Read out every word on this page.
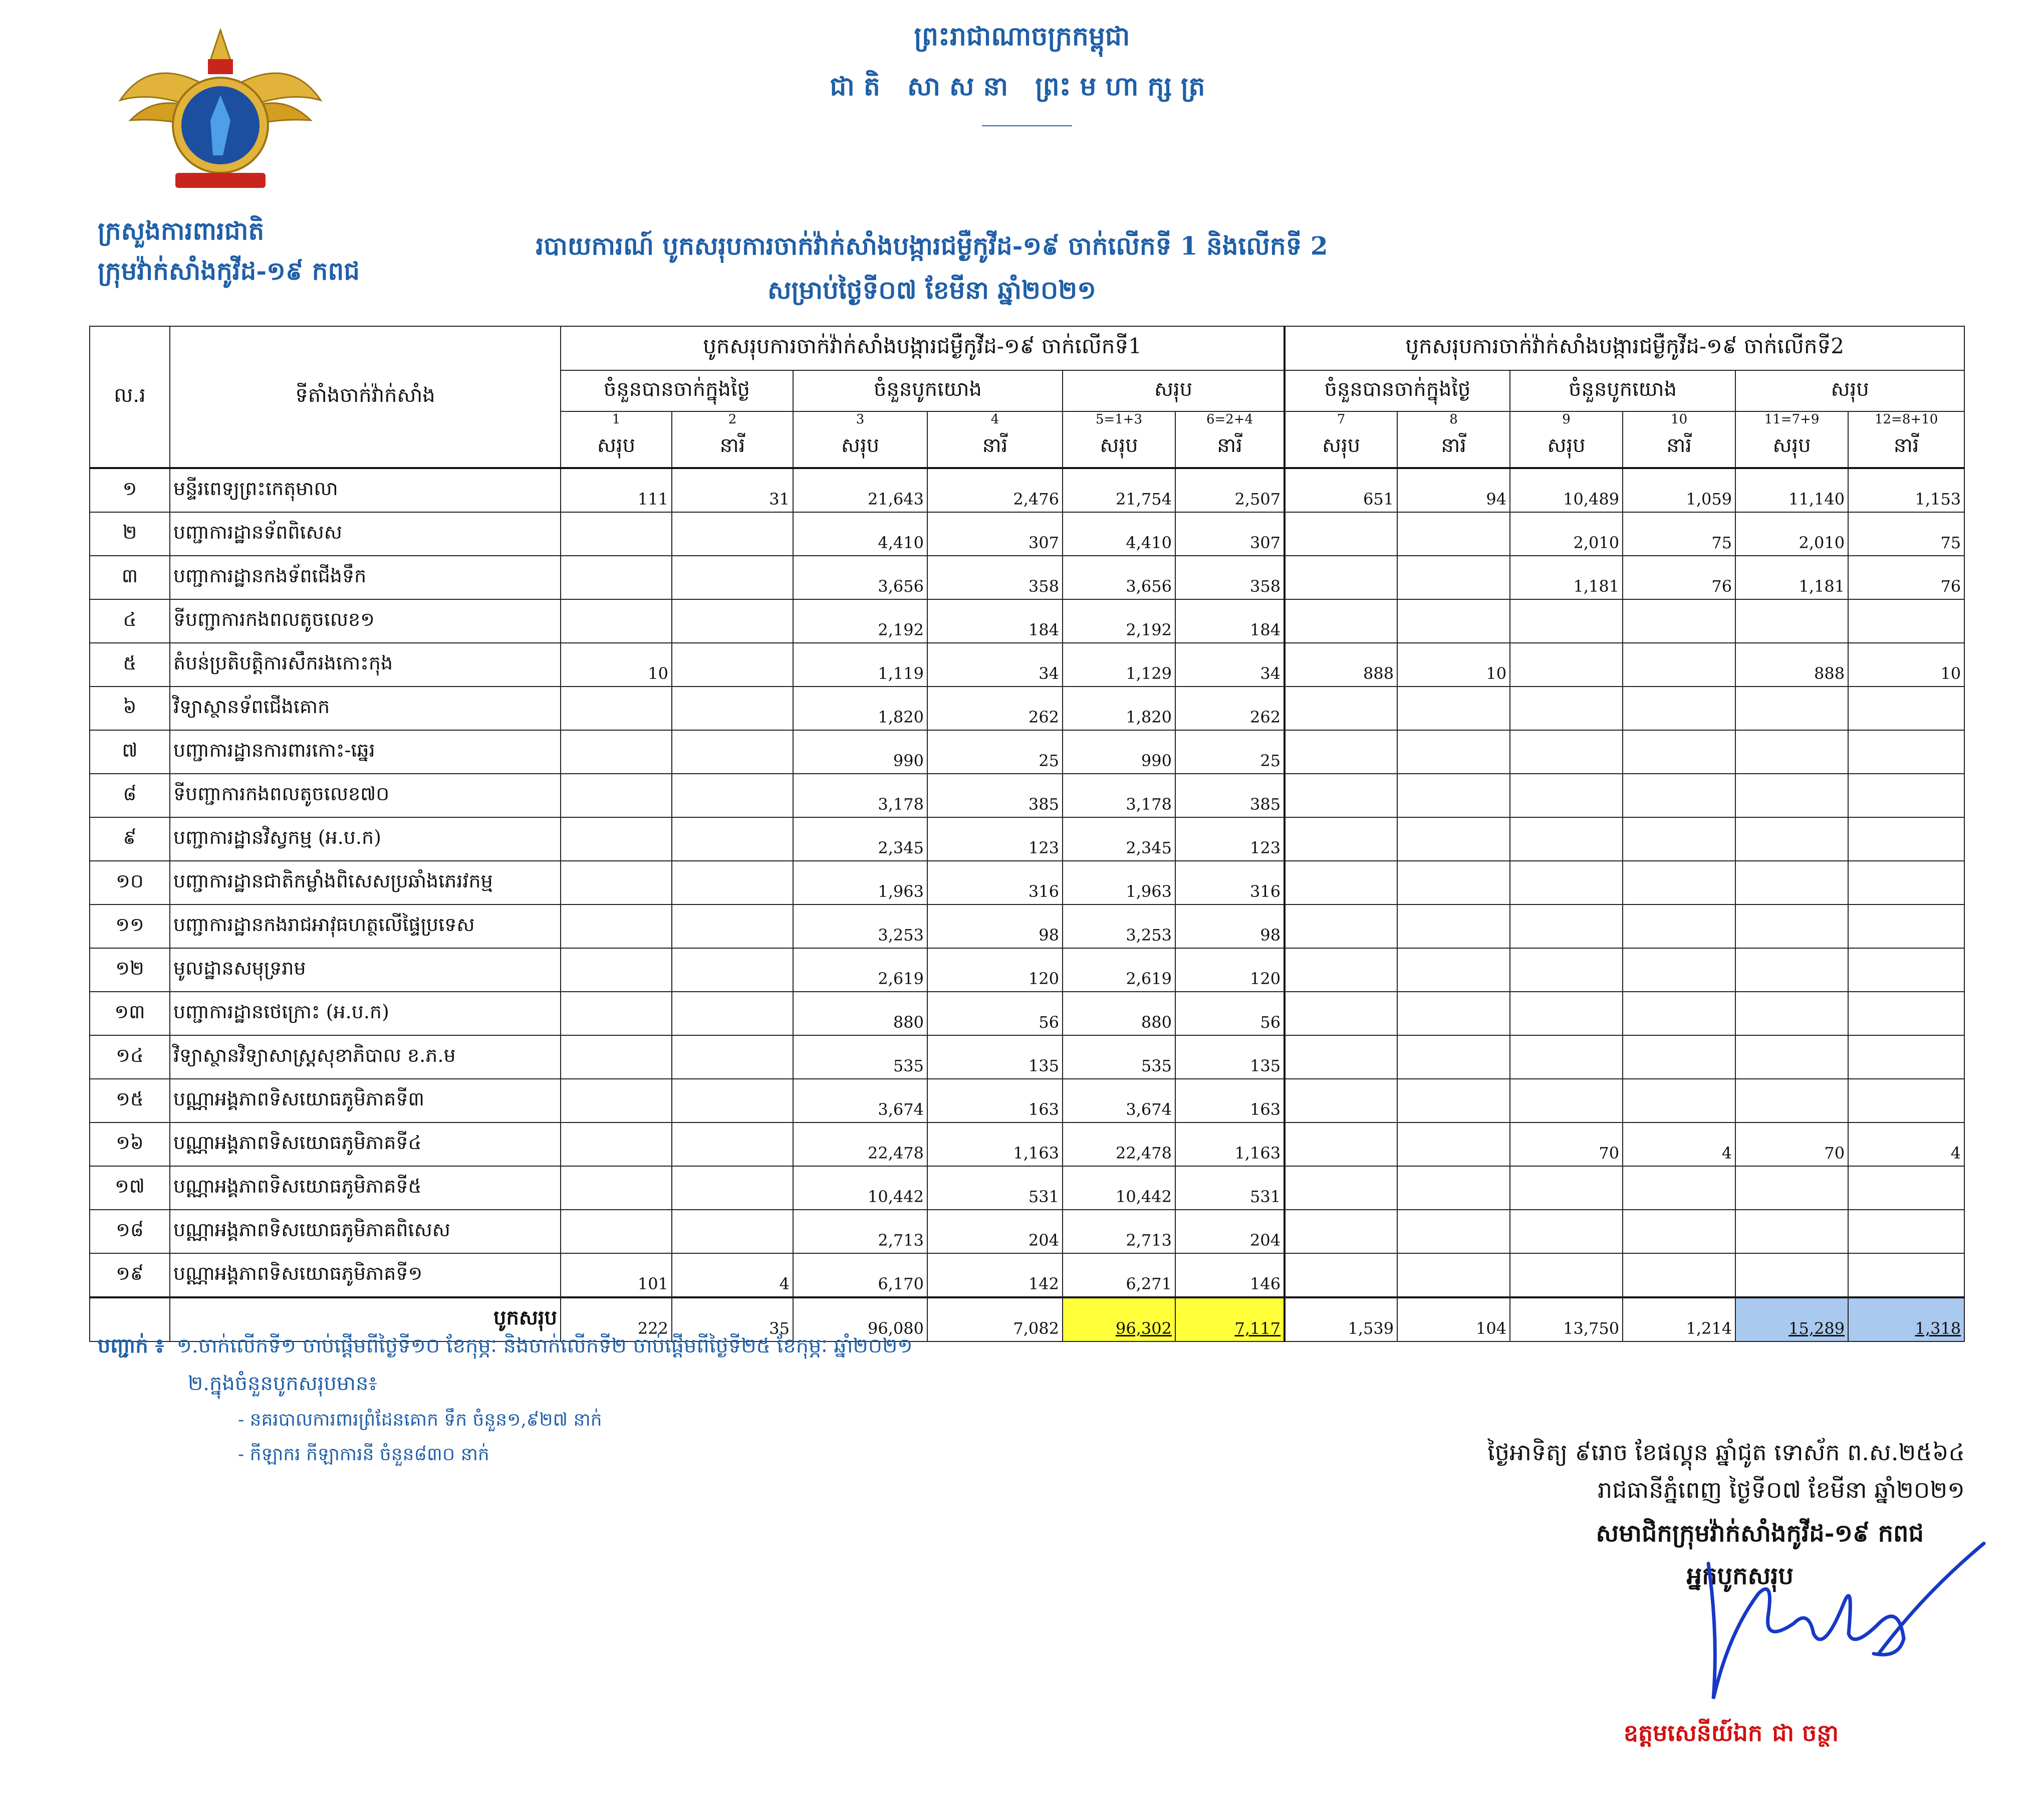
ព្រះរាជាណាចក្រកម្ពុជា
ជាតិ សាសនា ព្រះមហាក្សត្រ
ក្រសួងការពារជាតិ
ក្រុមវ៉ាក់សាំងកូវីដ-១៩ កពជ
របាយការណ៍ បូកសរុបការចាក់វ៉ាក់សាំងបង្ការជម្ងឺកូវីដ-១៩ ចាក់លើកទី 1 និងលើកទី 2
សម្រាប់ថ្ងៃទី០៧ ខែមីនា ឆ្នាំ២០២១
ល.រ	ទីតាំងចាក់វ៉ាក់សាំង	បូកសរុបការចាក់វ៉ាក់សាំងបង្ការជម្ងឺកូវីដ-១៩ ចាក់លើកទី1						បូកសរុបការចាក់វ៉ាក់សាំងបង្ការជម្ងឺកូវីដ-១៩ ចាក់លើកទី2					
		ចំនួនបានចាក់ក្នុងថ្ងៃ		ចំនួនបូកយោង		សរុប		ចំនួនបានចាក់ក្នុងថ្ងៃ		ចំនួនបូកយោង		សរុប	
		1	2	3	4	5=1+3	6=2+4	7	8	9	10	11=7+9	12=8+10
		សរុប	នារី	សរុប	នារី	សរុប	នារី	សរុប	នារី	សរុប	នារី	សរុប	នារី
១	មន្ទីរពេទ្យព្រះកេតុមាលា	111	31	21,643	2,476	21,754	2,507	651	94	10,489	1,059	11,140	1,153
២	បញ្ជាការដ្ឋានទ័ពពិសេស			4,410	307	4,410	307			2,010	75	2,010	75
៣	បញ្ជាការដ្ឋានកងទ័ពជើងទឹក			3,656	358	3,656	358			1,181	76	1,181	76
៤	ទីបញ្ជាការកងពលតូចលេខ១			2,192	184	2,192	184						
៥	តំបន់ប្រតិបត្តិការសឹករងកោះកុង	10		1,119	34	1,129	34	888	10			888	10
៦	វិទ្យាស្ថានទ័ពជើងគោក			1,820	262	1,820	262						
៧	បញ្ជាការដ្ឋានការពារកោះ-ឆ្នេរ			990	25	990	25						
៨	ទីបញ្ជាការកងពលតូចលេខ៧០			3,178	385	3,178	385						
៩	បញ្ជាការដ្ឋានវិស្វកម្ម (អ.ប.ក)			2,345	123	2,345	123						
១០	បញ្ជាការដ្ឋានជាតិកម្លាំងពិសេសប្រឆាំងភេរវកម្ម			1,963	316	1,963	316						
១១	បញ្ជាការដ្ឋានកងរាជអាវុធហត្ថលើផ្ទៃប្រទេស			3,253	98	3,253	98						
១២	មូលដ្ឋានសមុទ្ររាម			2,619	120	2,619	120						
១៣	បញ្ជាការដ្ឋានថេក្រោះ (អ.ប.ក)			880	56	880	56						
១៤	វិទ្យាស្ថានវិទ្យាសាស្ត្រសុខាភិបាល ខ.ភ.ម			535	135	535	135						
១៥	បណ្ណាអង្គភាពទិសយោធភូមិភាគទី៣			3,674	163	3,674	163						
១៦	បណ្ណាអង្គភាពទិសយោធភូមិភាគទី៤			22,478	1,163	22,478	1,163			70	4	70	4
១៧	បណ្ណាអង្គភាពទិសយោធភូមិភាគទី៥			10,442	531	10,442	531						
១៨	បណ្ណាអង្គភាពទិសយោធភូមិភាគពិសេស			2,713	204	2,713	204						
១៩	បណ្ណាអង្គភាពទិសយោធភូមិភាគទី១	101	4	6,170	142	6,271	146						
	បូកសរុប	222	35	96,080	7,082	96,302	7,117	1,539	104	13,750	1,214	15,289	1,318
បញ្ជាក់ ៖ ១.ចាក់លើកទី១ ចាប់ផ្តើមពីថ្ងៃទី១០ ខែកុម្ភៈ និងចាក់លើកទី២ ចាប់ផ្តើមពីថ្ងៃទី២៥ ខែកុម្ភៈ ឆ្នាំ២០២១
២.ក្នុងចំនួនបូកសរុបមាន៖
- នគរបាលការពារព្រំដែនគោក ទឹក ចំនួន១,៩២៧ នាក់
- កីឡាករ កីឡាការនី ចំនួន៨៣០ នាក់	ថ្ងៃអាទិត្យ ៩រោច ខែផល្គុន ឆ្នាំជូត ទោស័ក ព.ស.២៥៦៤
រាជធានីភ្នំពេញ ថ្ងៃទី០៧ ខែមីនា ឆ្នាំ២០២១
សមាជិកក្រុមវ៉ាក់សាំងកូវីដ-១៩ កពជ
អ្នកបូកសរុប
ឧត្តមសេនីយ៍ឯក ជា ចន្ថា
